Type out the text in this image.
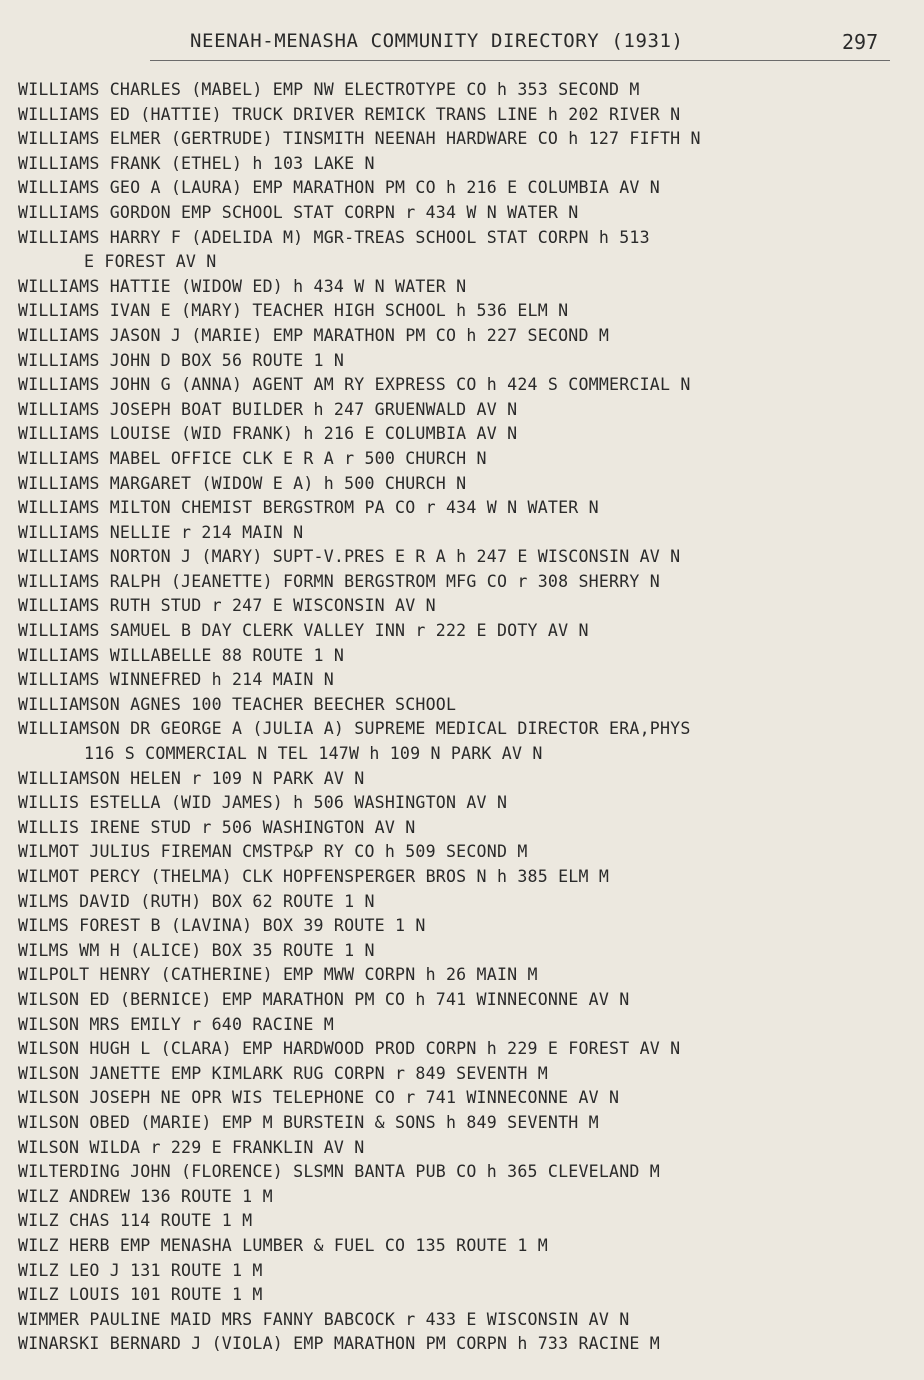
NEENAH-MENASHA COMMUNITY DIRECTORY (1931)	297
WILLIAMS CHARLES (MABEL) EMP NW ELECTROTYPE CO h 353 SECOND M
WILLIAMS ED (HATTIE) TRUCK DRIVER REMICK TRANS LINE h 202 RIVER N
WILLIAMS ELMER (GERTRUDE) TINSMITH NEENAH HARDWARE CO h 127 FIFTH N
WILLIAMS FRANK (ETHEL) h 103 LAKE N
WILLIAMS GEO A (LAURA) EMP MARATHON PM CO h 216 E COLUMBIA AV N
WILLIAMS GORDON EMP SCHOOL STAT CORPN r 434 W N WATER N
WILLIAMS HARRY F (ADELIDA M) MGR-TREAS SCHOOL STAT CORPN h 513
E FOREST AV N
WILLIAMS HATTIE (WIDOW ED) h 434 W N WATER N
WILLIAMS IVAN E (MARY) TEACHER HIGH SCHOOL h 536 ELM N
WILLIAMS JASON J (MARIE) EMP MARATHON PM CO h 227 SECOND M
WILLIAMS JOHN D BOX 56 ROUTE 1 N
WILLIAMS JOHN G (ANNA) AGENT AM RY EXPRESS CO h 424 S COMMERCIAL N
WILLIAMS JOSEPH BOAT BUILDER h 247 GRUENWALD AV N
WILLIAMS LOUISE (WID FRANK) h 216 E COLUMBIA AV N
WILLIAMS MABEL OFFICE CLK E R A r 500 CHURCH N
WILLIAMS MARGARET (WIDOW E A) h 500 CHURCH N
WILLIAMS MILTON CHEMIST BERGSTROM PA CO r 434 W N WATER N
WILLIAMS NELLIE r 214 MAIN N
WILLIAMS NORTON J (MARY) SUPT-V.PRES E R A h 247 E WISCONSIN AV N
WILLIAMS RALPH (JEANETTE) FORMN BERGSTROM MFG CO r 308 SHERRY N
WILLIAMS RUTH STUD r 247 E WISCONSIN AV N
WILLIAMS SAMUEL B DAY CLERK VALLEY INN r 222 E DOTY AV N
WILLIAMS WILLABELLE 88 ROUTE 1 N
WILLIAMS WINNEFRED h 214 MAIN N
WILLIAMSON AGNES 100 TEACHER BEECHER SCHOOL
WILLIAMSON DR GEORGE A (JULIA A) SUPREME MEDICAL DIRECTOR ERA,PHYS
116 S COMMERCIAL N TEL 147W h 109 N PARK AV N
WILLIAMSON HELEN r 109 N PARK AV N
WILLIS ESTELLA (WID JAMES) h 506 WASHINGTON AV N
WILLIS IRENE STUD r 506 WASHINGTON AV N
WILMOT JULIUS FIREMAN CMSTP&P RY CO h 509 SECOND M
WILMOT PERCY (THELMA) CLK HOPFENSPERGER BROS N h 385 ELM M
WILMS DAVID (RUTH) BOX 62 ROUTE 1 N
WILMS FOREST B (LAVINA) BOX 39 ROUTE 1 N
WILMS WM H (ALICE) BOX 35 ROUTE 1 N
WILPOLT HENRY (CATHERINE) EMP MWW CORPN h 26 MAIN M
WILSON ED (BERNICE) EMP MARATHON PM CO h 741 WINNECONNE AV N
WILSON MRS EMILY r 640 RACINE M
WILSON HUGH L (CLARA) EMP HARDWOOD PROD CORPN h 229 E FOREST AV N
WILSON JANETTE EMP KIMLARK RUG CORPN r 849 SEVENTH M
WILSON JOSEPH NE OPR WIS TELEPHONE CO r 741 WINNECONNE AV N
WILSON OBED (MARIE) EMP M BURSTEIN & SONS h 849 SEVENTH M
WILSON WILDA r 229 E FRANKLIN AV N
WILTERDING JOHN (FLORENCE) SLSMN BANTA PUB CO h 365 CLEVELAND M
WILZ ANDREW 136 ROUTE 1 M
WILZ CHAS 114 ROUTE 1 M
WILZ HERB EMP MENASHA LUMBER & FUEL CO 135 ROUTE 1 M
WILZ LEO J 131 ROUTE 1 M
WILZ LOUIS 101 ROUTE 1 M
WIMMER PAULINE MAID MRS FANNY BABCOCK r 433 E WISCONSIN AV N
WINARSKI BERNARD J (VIOLA) EMP MARATHON PM CORPN h 733 RACINE M
